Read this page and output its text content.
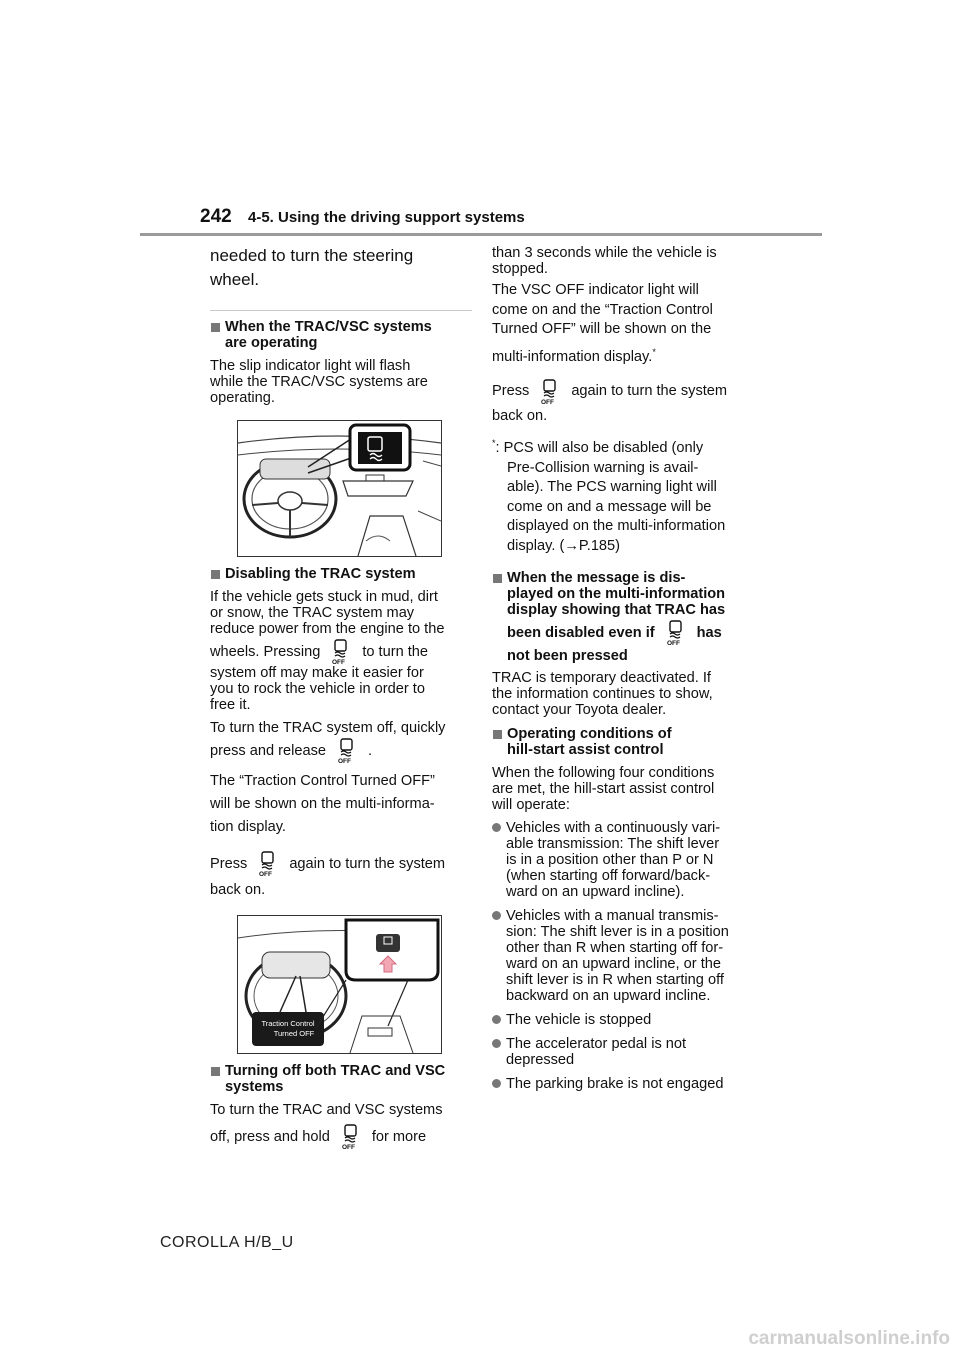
242 4-5. Using the driving support systems

needed to turn the steering

wheel.

When the TRAC/VSC systems
are operating

The slip indicator light will flash
while the TRAC/VSC systems are
operating.

Disabling the TRAC system

If the vehicle gets stuck in mud, dirt
or snow, the TRAC system may
reduce power from the engine to the

wheels. Pressing
OFF
to turn the

system off may make it easier for
you to rock the vehicle in order to
free it.

To turn the TRAC system off, quickly

press and release
OFF
.

The “Traction Control Turned OFF”
will be shown on the multi-informa-
tion display.

Press
OFF
again to turn the system

back on.

Traction Control
Turned OFF
Turning off both TRAC and VSC
systems

To turn the TRAC and VSC systems

off, press and hold
OFF
for more

than 3 seconds while the vehicle is
stopped.

The VSC OFF indicator light will
come on and the “Traction Control
Turned OFF” will be shown on the

multi-information display.*

Press
OFF
again to turn the system

back on.

*: PCS will also be disabled (only
Pre-Collision warning is avail-
able). The PCS warning light will
come on and a message will be
displayed on the multi-information
display. (→P.185)
When the message is dis-
played on the multi-information
display showing that TRAC has
been disabled even if
OFF
has
not been pressed

TRAC is temporary deactivated. If
the information continues to show,
contact your Toyota dealer.

Operating conditions of
hill-start assist control

When the following four conditions
are met, the hill-start assist control
will operate:

Vehicles with a continuously vari-
able transmission: The shift lever
is in a position other than P or N
(when starting off forward/back-
ward on an upward incline).
Vehicles with a manual transmis-
sion: The shift lever is in a position
other than R when starting off for-
ward on an upward incline, or the
shift lever is in R when starting off
backward on an upward incline.
The vehicle is stopped
The accelerator pedal is not
depressed
The parking brake is not engaged
COROLLA H/B_U
carmanualsonline.info
